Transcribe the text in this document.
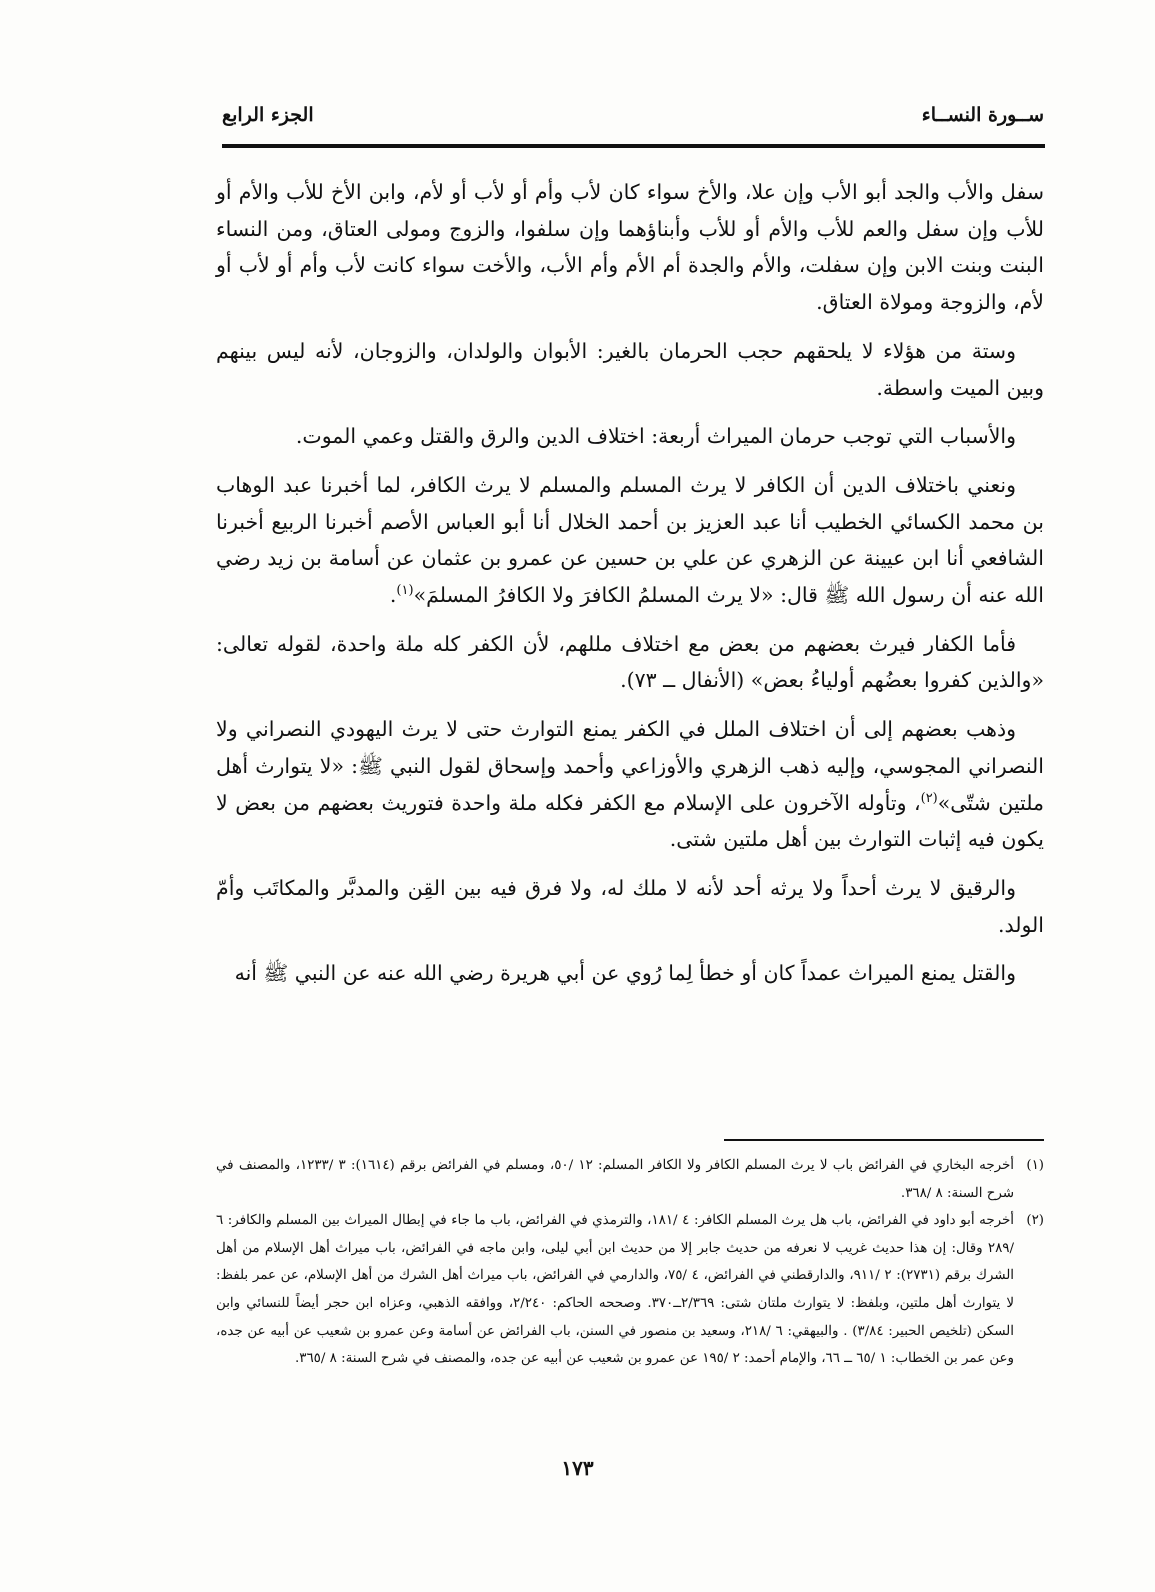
ســورة النســاء
الجزء الرابع

سفل والأب والجد أبو الأب وإن علا، والأخ سواء كان لأب وأم أو لأب أو لأم، وابن الأخ للأب والأم أو للأب وإن سفل والعم للأب والأم أو للأب وأبناؤهما وإن سلفوا، والزوج ومولى العتاق، ومن النساء البنت وبنت الابن وإن سفلت، والأم والجدة أم الأم وأم الأب، والأخت سواء كانت لأب وأم أو لأب أو لأم، والزوجة ومولاة العتاق.

وستة من هؤلاء لا يلحقهم حجب الحرمان بالغير: الأبوان والولدان، والزوجان، لأنه ليس بينهم وبين الميت واسطة.

والأسباب التي توجب حرمان الميراث أربعة: اختلاف الدين والرق والقتل وعمي الموت.

ونعني باختلاف الدين أن الكافر لا يرث المسلم والمسلم لا يرث الكافر، لما أخبرنا عبد الوهاب بن محمد الكسائي الخطيب أنا عبد العزيز بن أحمد الخلال أنا أبو العباس الأصم أخبرنا الربيع أخبرنا الشافعي أنا ابن عيينة عن الزهري عن علي بن حسين عن عمرو بن عثمان عن أسامة بن زيد رضي الله عنه أن رسول الله ﷺ قال: «لا يرث المسلمُ الكافرَ ولا الكافرُ المسلمَ»$^{(١)}$.

فأما الكفار فيرث بعضهم من بعض مع اختلاف مللهم، لأن الكفر كله ملة واحدة، لقوله تعالى: «والذين كفروا بعضُهم أولياءُ بعض» (الأنفال ــ ٧٣).

وذهب بعضهم إلى أن اختلاف الملل في الكفر يمنع التوارث حتى لا يرث اليهودي النصراني ولا النصراني المجوسي، وإليه ذهب الزهري والأوزاعي وأحمد وإسحاق لقول النبي ﷺ: «لا يتوارث أهل ملتين شتّى»$^{(٢)}$، وتأوله الآخرون على الإسلام مع الكفر فكله ملة واحدة فتوريث بعضهم من بعض لا يكون فيه إثبات التوارث بين أهل ملتين شتى.

والرقيق لا يرث أحداً ولا يرثه أحد لأنه لا ملك له، ولا فرق فيه بين القِن والمدبَّر والمكاتَب وأمّ الولد.

والقتل يمنع الميراث عمداً كان أو خطأ لِما رُوي عن أبي هريرة رضي الله عنه عن النبي ﷺ أنه

(١)
أخرجه البخاري في الفرائض باب لا يرث المسلم الكافر ولا الكافر المسلم: ١٢ /٥٠، ومسلم في الفرائض برقم (١٦١٤): ٣ /١٢٣٣، والمصنف في شرح السنة: ٨ /٣٦٨.

(٢)
أخرجه أبو داود في الفرائض، باب هل يرث المسلم الكافر: ٤ /١٨١، والترمذي في الفرائض، باب ما جاء في إبطال الميراث بين المسلم والكافر: ٦ /٢٨٩ وقال: إن هذا حديث غريب لا نعرفه من حديث جابر إلا من حديث ابن أبي ليلى، وابن ماجه في الفرائض، باب ميراث أهل الإسلام من أهل الشرك برقم (٢٧٣١): ٢ /٩١١، والدارقطني في الفرائض، ٤ /٧٥، والدارمي في الفرائض، باب ميراث أهل الشرك من أهل الإسلام، عن عمر بلفظ: لا يتوارث أهل ملتين، وبلفظ: لا يتوارث ملتان شتى: ٢/٣٦٩ــ٣٧٠. وصححه الحاكم: ٢/٢٤٠، ووافقه الذهبي، وعزاه ابن حجر أيضاً للنسائي وابن السكن (تلخيص الحبير: ٣/٨٤) . والبيهقي: ٦ /٢١٨، وسعيد بن منصور في السنن، باب الفرائض عن أسامة وعن عمرو بن شعيب عن أبيه عن جده، وعن عمر بن الخطاب: ١ /٦٥ ــ ٦٦، والإمام أحمد: ٢ /١٩٥ عن عمرو بن شعيب عن أبيه عن جده، والمصنف في شرح السنة: ٨ /٣٦٥.

١٧٣
